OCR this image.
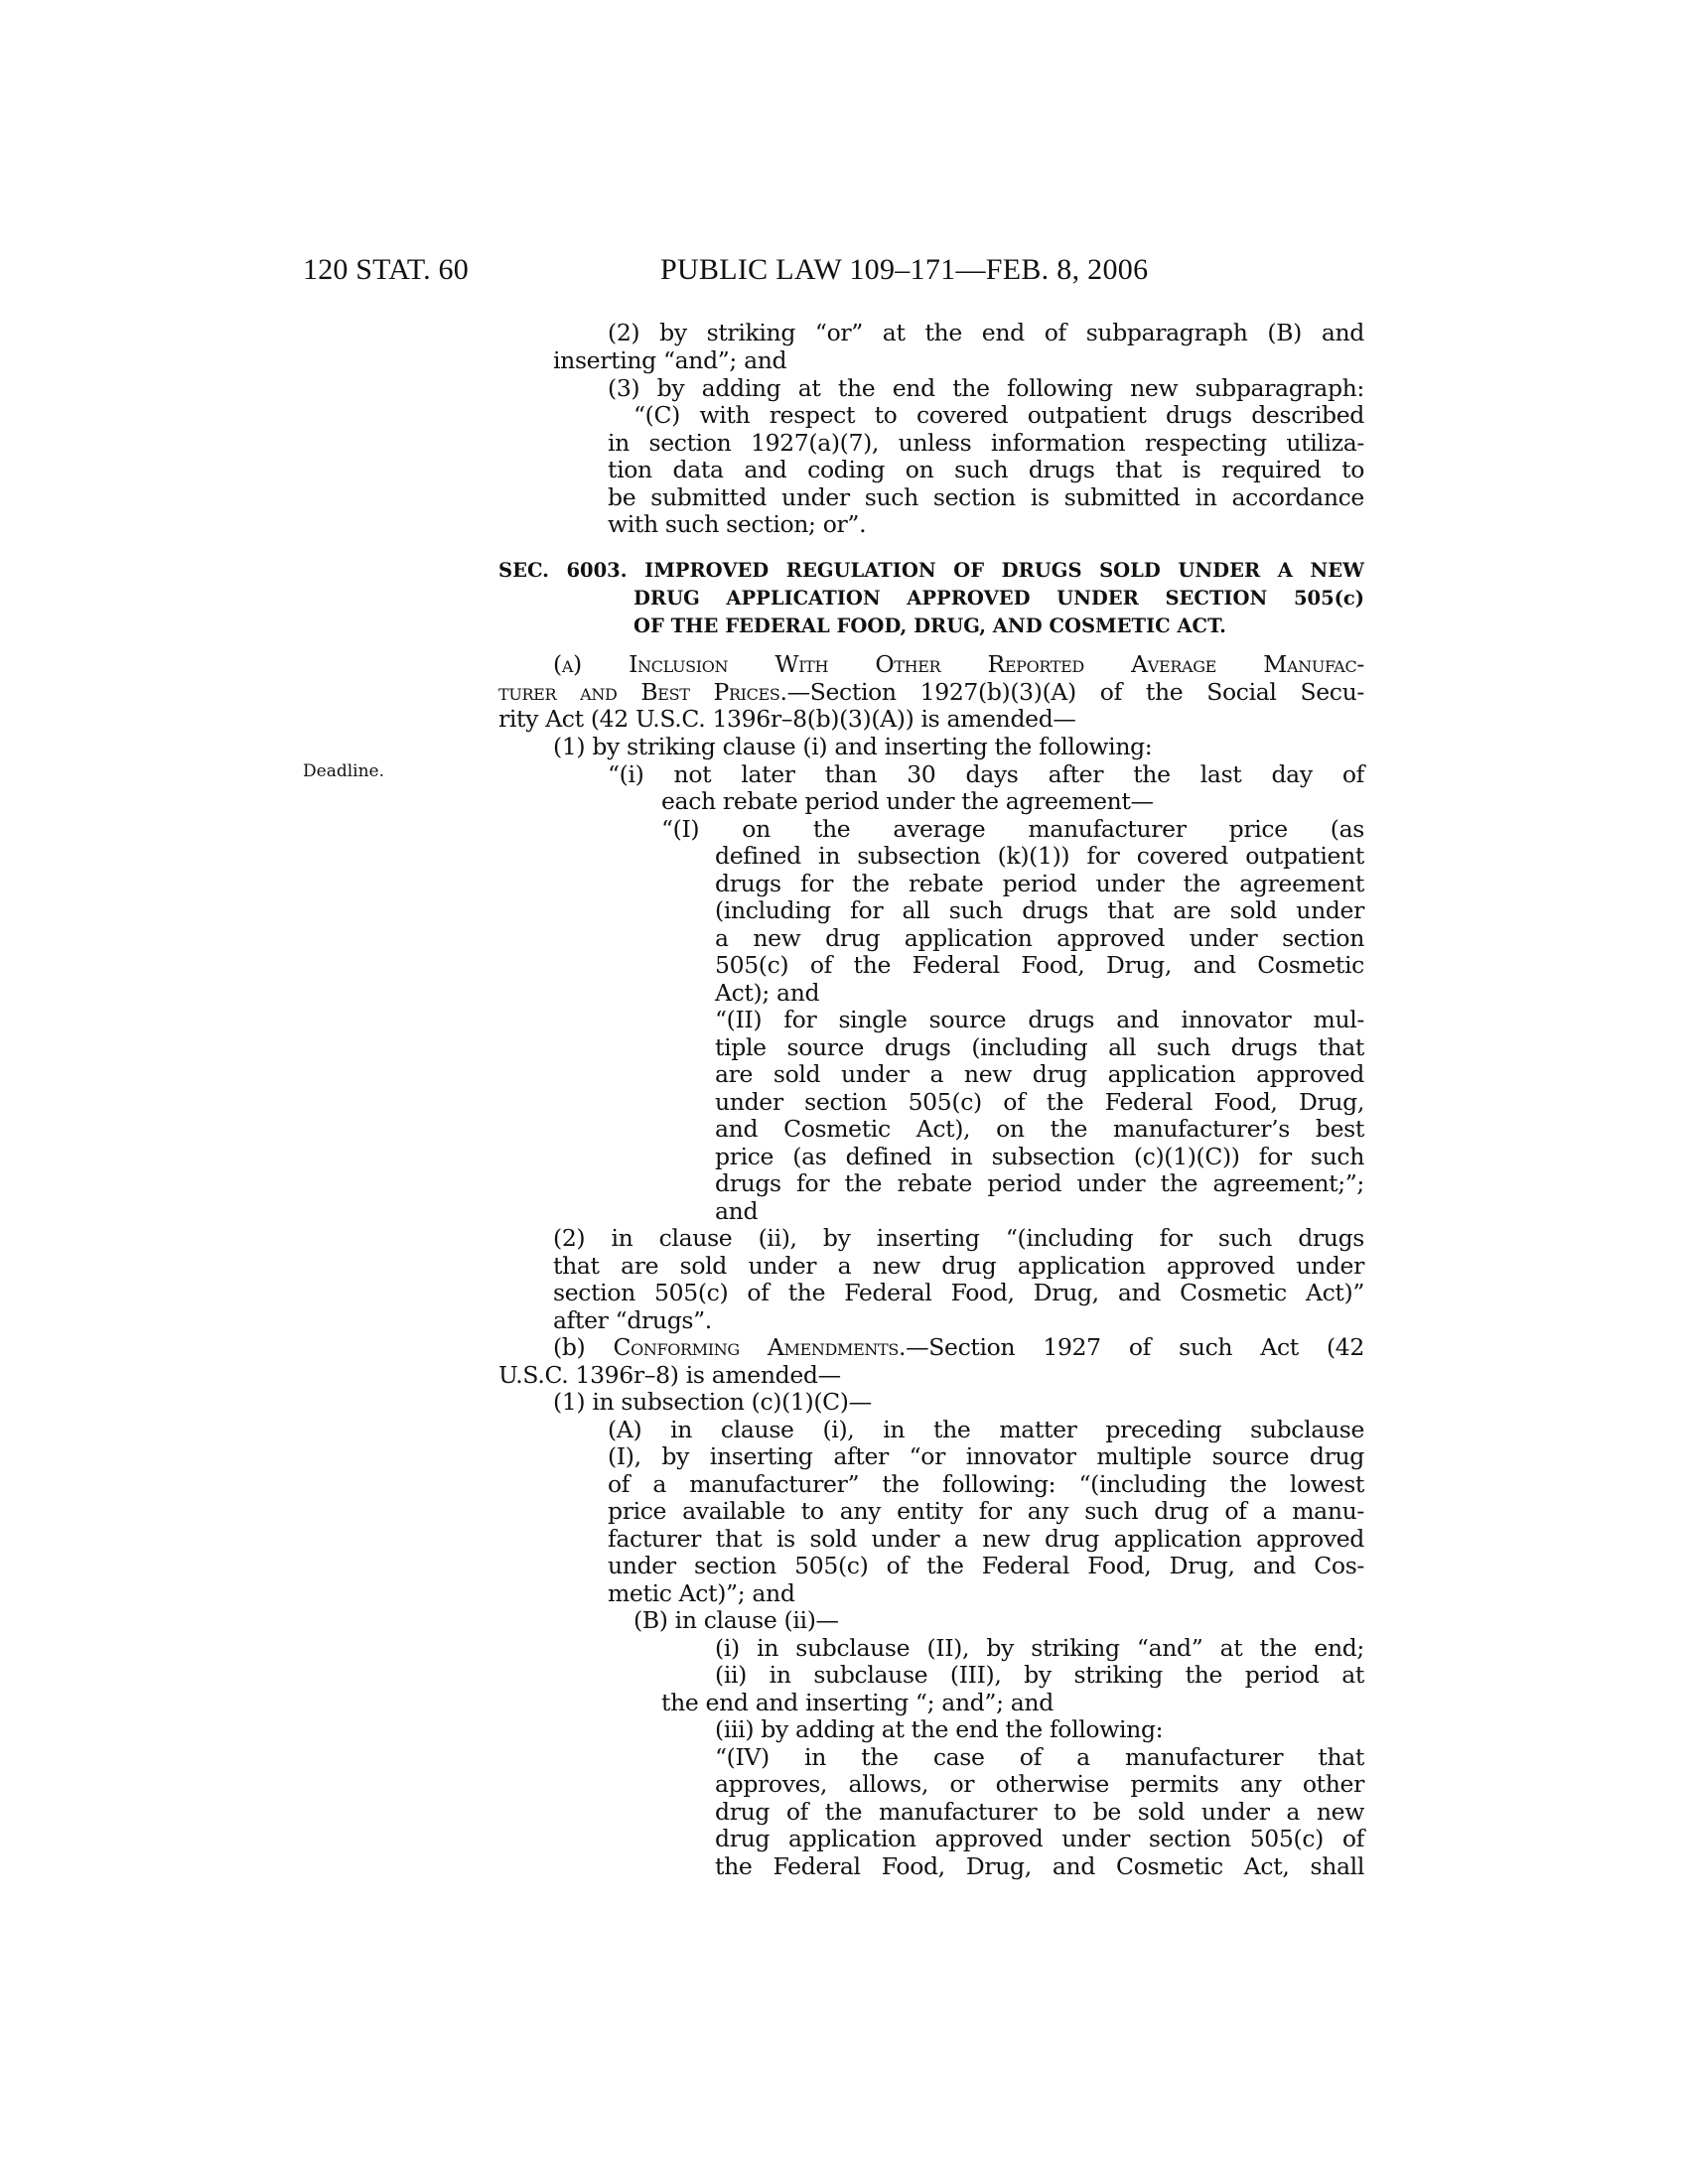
120 STAT. 60	PUBLIC LAW 109–171—FEB. 8, 2006
Deadline.
(2) by striking “or” at the end of subparagraph (B) and
inserting “and”; and
(3) by adding at the end the following new subparagraph:
“(C) with respect to covered outpatient drugs described
in section 1927(a)(7), unless information respecting utiliza-
tion data and coding on such drugs that is required to
be submitted under such section is submitted in accordance
with such section; or”.
SEC. 6003. IMPROVED REGULATION OF DRUGS SOLD UNDER A NEW
DRUG APPLICATION APPROVED UNDER SECTION 505(c)
OF THE FEDERAL FOOD, DRUG, AND COSMETIC ACT.
(a) Inclusion With Other Reported Average Manufac-
turer and Best Prices.—Section 1927(b)(3)(A) of the Social Secu-
rity Act (42 U.S.C. 1396r–8(b)(3)(A)) is amended—
(1) by striking clause (i) and inserting the following:
“(i) not later than 30 days after the last day of
each rebate period under the agreement—
“(I) on the average manufacturer price (as
defined in subsection (k)(1)) for covered outpatient
drugs for the rebate period under the agreement
(including for all such drugs that are sold under
a new drug application approved under section
505(c) of the Federal Food, Drug, and Cosmetic
Act); and
“(II) for single source drugs and innovator mul-
tiple source drugs (including all such drugs that
are sold under a new drug application approved
under section 505(c) of the Federal Food, Drug,
and Cosmetic Act), on the manufacturer’s best
price (as defined in subsection (c)(1)(C)) for such
drugs for the rebate period under the agreement;”;
and
(2) in clause (ii), by inserting “(including for such drugs
that are sold under a new drug application approved under
section 505(c) of the Federal Food, Drug, and Cosmetic Act)”
after “drugs”.
(b) Conforming Amendments.—Section 1927 of such Act (42
U.S.C. 1396r–8) is amended—
(1) in subsection (c)(1)(C)—
(A) in clause (i), in the matter preceding subclause
(I), by inserting after “or innovator multiple source drug
of a manufacturer” the following: “(including the lowest
price available to any entity for any such drug of a manu-
facturer that is sold under a new drug application approved
under section 505(c) of the Federal Food, Drug, and Cos-
metic Act)”; and
(B) in clause (ii)—
(i) in subclause (II), by striking “and” at the end;
(ii) in subclause (III), by striking the period at
the end and inserting “; and”; and
(iii) by adding at the end the following:
“(IV) in the case of a manufacturer that
approves, allows, or otherwise permits any other
drug of the manufacturer to be sold under a new
drug application approved under section 505(c) of
the Federal Food, Drug, and Cosmetic Act, shall
